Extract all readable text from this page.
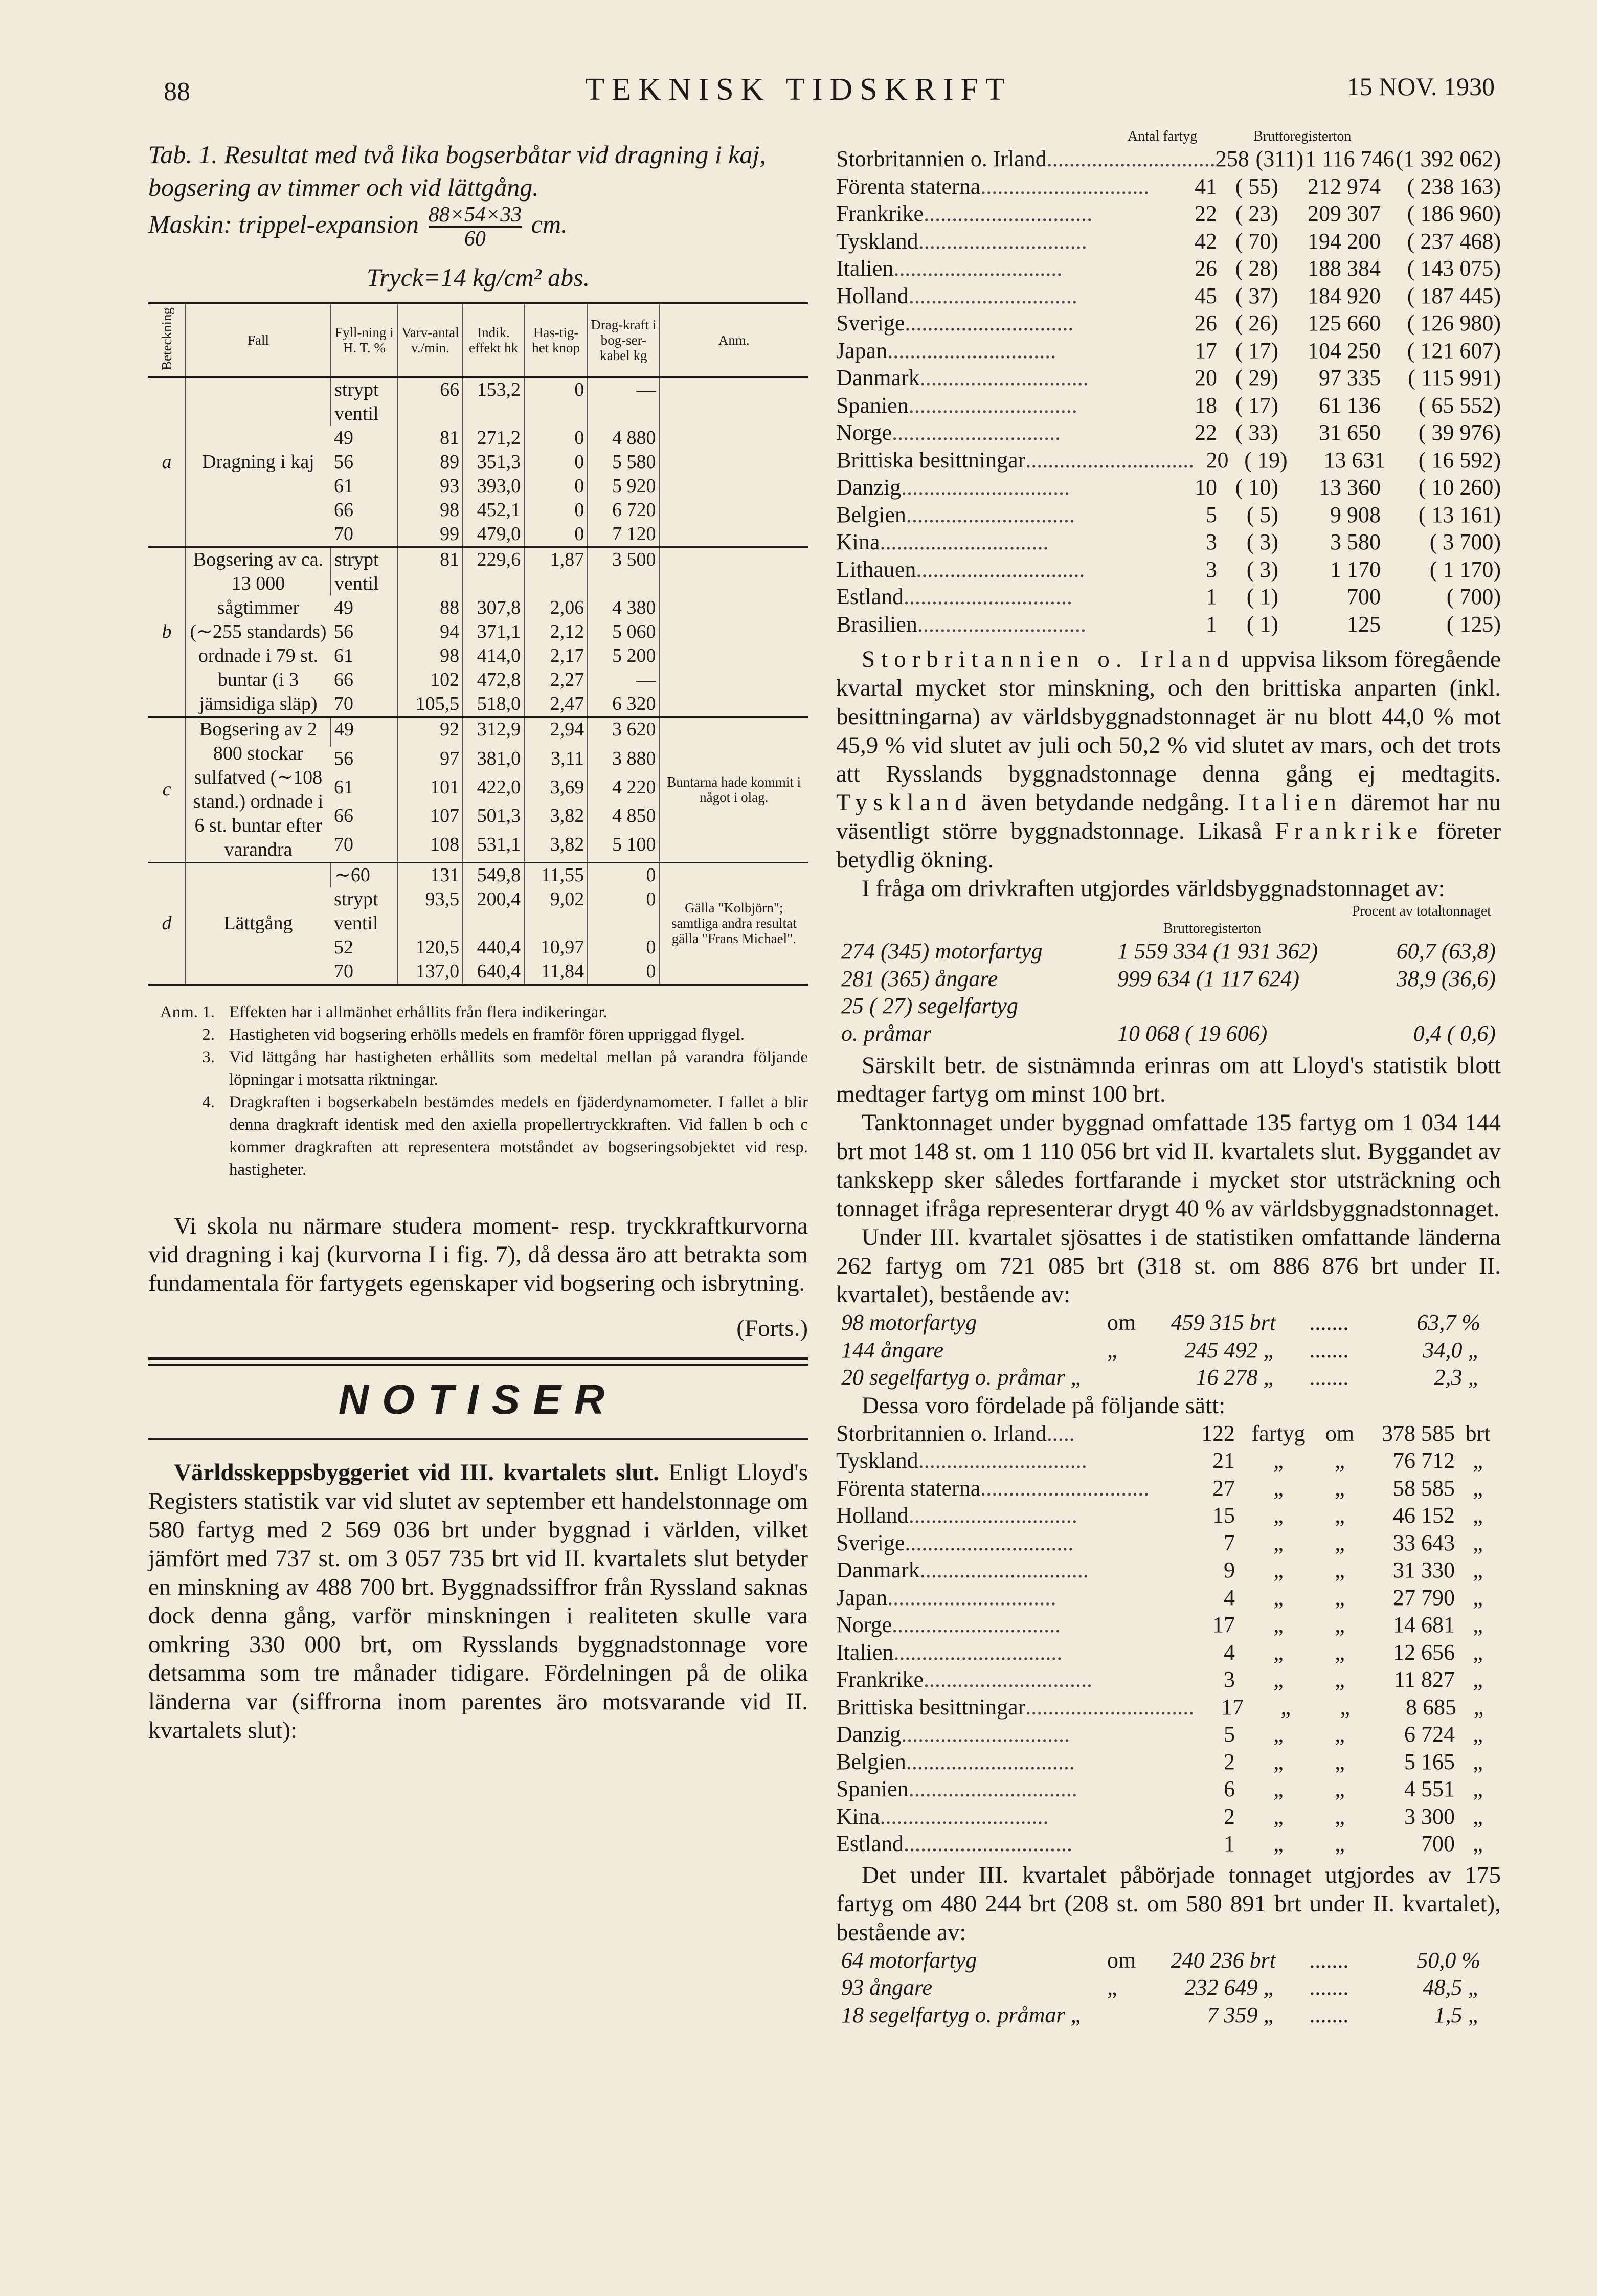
88	TEKNISK TIDSKRIFT	15 NOV. 1930
Tab. 1. Resultat med två lika bogserbåtar vid dragning i kaj, bogsering av timmer och vid lättgång.
Maskin: trippel-expansion $\frac{88\times 54\times 33}{60}$ cm.
Tryck=14 kg/cm² abs.
Beteckning	Fall	Fyll-ning i H. T. %	Varv-antal v./min.	Indik. effekt hk	Has-tig-het knop	Drag-kraft i bog-ser-kabel kg	Anm.
a	Dragning i kaj	strypt ventil	66	153,2	0	—	
		49	81	271,2	0	4 880	
		56	89	351,3	0	5 580	
		61	93	393,0	0	5 920	
		66	98	452,1	0	6 720	
		70	99	479,0	0	7 120	
b	Bogsering av ca. 13 000 sågtimmer (∼255 standards) ordnade i 79 st. buntar (i 3 jämsidiga släp)	strypt ventil	81	229,6	1,87	3 500	
		49	88	307,8	2,06	4 380	
		56	94	371,1	2,12	5 060	
		61	98	414,0	2,17	5 200	
		66	102	472,8	2,27	—	
		70	105,5	518,0	2,47	6 320	
c	Bogsering av 2 800 stockar sulfatved (∼108 stand.) ordnade i 6 st. buntar efter varandra	49	92	312,9	2,94	3 620	Buntarna hade kommit i något i olag.
		56	97	381,0	3,11	3 880	
		61	101	422,0	3,69	4 220	
		66	107	501,3	3,82	4 850	
		70	108	531,1	3,82	5 100	
d	Lättgång	∼60	131	549,8	11,55	0	Gälla "Kolbjörn"; samtliga andra resultat gälla "Frans Michael".
		strypt ventil	93,5	200,4	9,02	0	
		52	120,5	440,4	10,97	0	
		70	137,0	640,4	11,84	0	
Anm. 1. Effekten har i allmänhet erhållits från flera indikeringar.
2. Hastigheten vid bogsering erhölls medels en framför fören uppriggad flygel.
3. Vid lättgång har hastigheten erhållits som medeltal mellan på varandra följande löpningar i motsatta riktningar.
4. Dragkraften i bogserkabeln bestämdes medels en fjäderdynamometer. I fallet a blir denna dragkraft identisk med den axiella propellertryckkraften. Vid fallen b och c kommer dragkraften att representera motståndet av bogseringsobjektet vid resp. hastigheter.

Vi skola nu närmare studera moment- resp. tryckkraftkurvorna vid dragning i kaj (kurvorna I i fig. 7), då dessa äro att betrakta som fundamentala för fartygets egenskaper vid bogsering och isbrytning.

(Forts.)
NOTISER

Världsskeppsbyggeriet vid III. kvartalets slut. Enligt Lloyd's Registers statistik var vid slutet av september ett handelstonnage om 580 fartyg med 2 569 036 brt under byggnad i världen, vilket jämfört med 737 st. om 3 057 735 brt vid II. kvartalets slut betyder en minskning av 488 700 brt. Byggnadssiffror från Ryssland saknas dock denna gång, varför minskningen i realiteten skulle vara omkring 330 000 brt, om Rysslands byggnadstonnage vore detsamma som tre månader tidigare. Fördelningen på de olika länderna var (siffrorna inom parentes äro motsvarande vid II. kvartalets slut):

Antal fartyg	Bruttoregisterton
Storbritannien o. Irland .............................. 258 (311) 1 116 746 (1 392 062)
Förenta staterna ..............................	41 ( 55)	212 974	( 238 163)
Frankrike ..............................	22 ( 23)	209 307	( 186 960)
Tyskland ..............................	42 ( 70)	194 200	( 237 468)
Italien ..............................	26 ( 28)	188 384	( 143 075)
Holland ..............................	45 ( 37)	184 920	( 187 445)
Sverige ..............................	26 ( 26)	125 660	( 126 980)
Japan ..............................	17 ( 17)	104 250	( 121 607)
Danmark ..............................	20 ( 29)	97 335	( 115 991)
Spanien ..............................	18 ( 17)	61 136	( 65 552)
Norge ..............................	22 ( 33)	31 650	( 39 976)
Brittiska besittningar .............................. 20 ( 19)	13 631	( 16 592)
Danzig ..............................	10 ( 10)	13 360	( 10 260)
Belgien ..............................	5	( 5)	9 908	( 13 161)
Kina ..............................	3	( 3)	3 580	( 3 700)
Lithauen ..............................	3	( 3)	1 170	( 1 170)
Estland ..............................	1	( 1)	700	( 700)
Brasilien ..............................	1	( 1)	125	( 125)

Storbritannien o. Irland uppvisa liksom föregående kvartal mycket stor minskning, och den brittiska anparten (inkl. besittningarna) av världsbyggnadstonnaget är nu blott 44,0 % mot 45,9 % vid slutet av juli och 50,2 % vid slutet av mars, och det trots att Rysslands byggnadstonnage denna gång ej medtagits. Tyskland även betydande nedgång. Italien däremot har nu väsentligt större byggnadstonnage. Likaså Frankrike företer betydlig ökning.

I fråga om drivkraften utgjordes världsbyggnadstonnaget av:

Bruttoregisterton
Procent av totaltonnaget
274 (345) motorfartyg	1 559 334 (1 931 362)	60,7 (63,8)
281 (365) ångare	999 634 (1 117 624)	38,9 (36,6)
25 ( 27) segelfartyg
o. pråmar	10 068 ( 19 606)	0,4 ( 0,6)

Särskilt betr. de sistnämnda erinras om att Lloyd's statistik blott medtager fartyg om minst 100 brt.

Tanktonnaget under byggnad omfattade 135 fartyg om 1 034 144 brt mot 148 st. om 1 110 056 brt vid II. kvartalets slut. Byggandet av tankskepp sker således fortfarande i mycket stor utsträckning och tonnaget ifråga representerar drygt 40 % av världsbyggnadstonnaget.

Under III. kvartalet sjösattes i de statistiken omfattande länderna 262 fartyg om 721 085 brt (318 st. om 886 876 brt under II. kvartalet), bestående av:

98 motorfartyg	om	459 315 brt	.......	63,7 %
144 ångare	„	245 492 „	.......	34,0 „
20 segelfartyg o. pråmar „	16 278 „	.......	2,3 „

Dessa voro fördelade på följande sätt:

Storbritannien o. Irland .....	122 fartyg om	378 585 brt
Tyskland ..............................	21	„	„	76 712 „
Förenta staterna ..............................	27	„	„	58 585 „
Holland ..............................	15	„	„	46 152 „
Sverige ..............................	7	„	„	33 643 „
Danmark ..............................	9	„	„	31 330 „
Japan ..............................	4	„	„	27 790 „
Norge ..............................	17	„	„	14 681 „
Italien ..............................	4	„	„	12 656 „
Frankrike ..............................	3	„	„	11 827 „
Brittiska besittningar ..............................	17	„	„	8 685 „
Danzig ..............................	5	„	„	6 724 „
Belgien ..............................	2	„	„	5 165 „
Spanien ..............................	6	„	„	4 551 „
Kina ..............................	2	„	„	3 300 „
Estland ..............................	1	„	„	700 „

Det under III. kvartalet påbörjade tonnaget utgjordes av 175 fartyg om 480 244 brt (208 st. om 580 891 brt under II. kvartalet), bestående av:

64 motorfartyg	om	240 236 brt	.......	50,0 %
93 ångare	„	232 649 „	.......	48,5 „
18 segelfartyg o. pråmar „	7 359 „	.......	1,5 „
